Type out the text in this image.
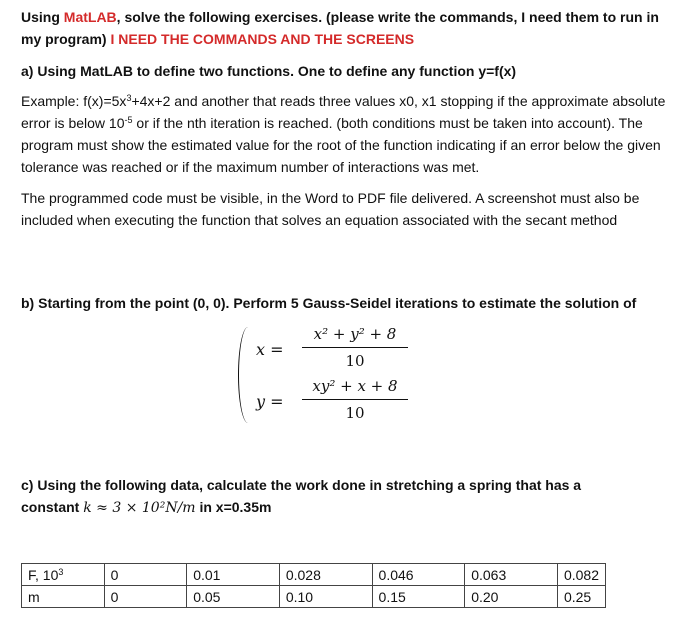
Using MatLAB, solve the following exercises. (please write the commands, I need them to run in my program) I NEED THE COMMANDS AND THE SCREENS

a) Using MatLAB to define two functions. One to define any function y=f(x)

Example: $f(x)=5x^3+4x+2$ and another that reads three values x0, x1 stopping if the approximate absolute error is below $10^{-5}$ or if the nth iteration is reached. (both conditions must be taken into account). The program must show the estimated value for the root of the function indicating if an error below the given tolerance was reached or if the maximum number of interactions was met.

The programmed code must be visible, in the Word to PDF file delivered. A screenshot must also be included when executing the function that solves an equation associated with the secant method

b) Starting from the point (0, 0). Perform 5 Gauss-Seidel iterations to estimate the solution of

c) Using the following data, calculate the work done in stretching a spring that has a

constant k ≈ 3 × 10²N/m in x=0.35m

x =
x² + y² + 8
10
y =
xy² + x + 8
10
F, $10^3$	0	0.01	0.028	0.046	0.063	0.082
m	0	0.05	0.10	0.15	0.20	0.25
